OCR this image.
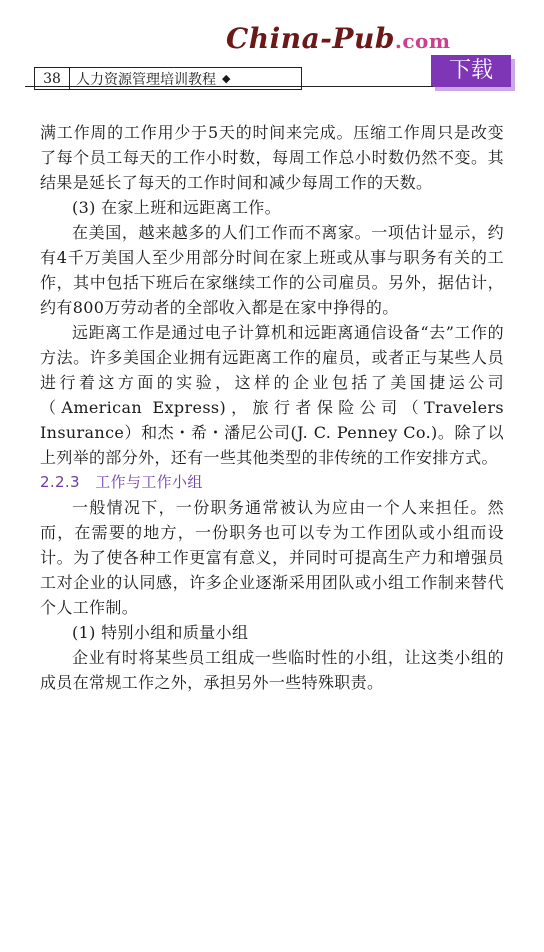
China-Pub.com
下载
38	人力资源管理培训教程 ◆

满工作周的工作用少于5天的时间来完成。压缩工作周只是改变了每个员工每天的工作小时数，每周工作总小时数仍然不变。其结果是延长了每天的工作时间和减少每周工作的天数。

(3) 在家上班和远距离工作。

在美国，越来越多的人们工作而不离家。一项估计显示，约有4千万美国人至少用部分时间在家上班或从事与职务有关的工作，其中包括下班后在家继续工作的公司雇员。另外，据估计，约有800万劳动者的全部收入都是在家中挣得的。

远距离工作是通过电子计算机和远距离通信设备“去”工作的方法。许多美国企业拥有远距离工作的雇员，或者正与某些人员进行着这方面的实验，这样的企业包括了美国捷运公司（American Express)，旅行者保险公司（Travelers Insurance）和杰・希・潘尼公司(J. C. Penney Co.)。除了以上列举的部分外，还有一些其他类型的非传统的工作安排方式。

2.2.3　工作与工作小组

一般情况下，一份职务通常被认为应由一个人来担任。然而，在需要的地方，一份职务也可以专为工作团队或小组而设计。为了使各种工作更富有意义，并同时可提高生产力和增强员工对企业的认同感，许多企业逐渐采用团队或小组工作制来替代个人工作制。

(1) 特别小组和质量小组

企业有时将某些员工组成一些临时性的小组，让这类小组的成员在常规工作之外，承担另外一些特殊职责。
